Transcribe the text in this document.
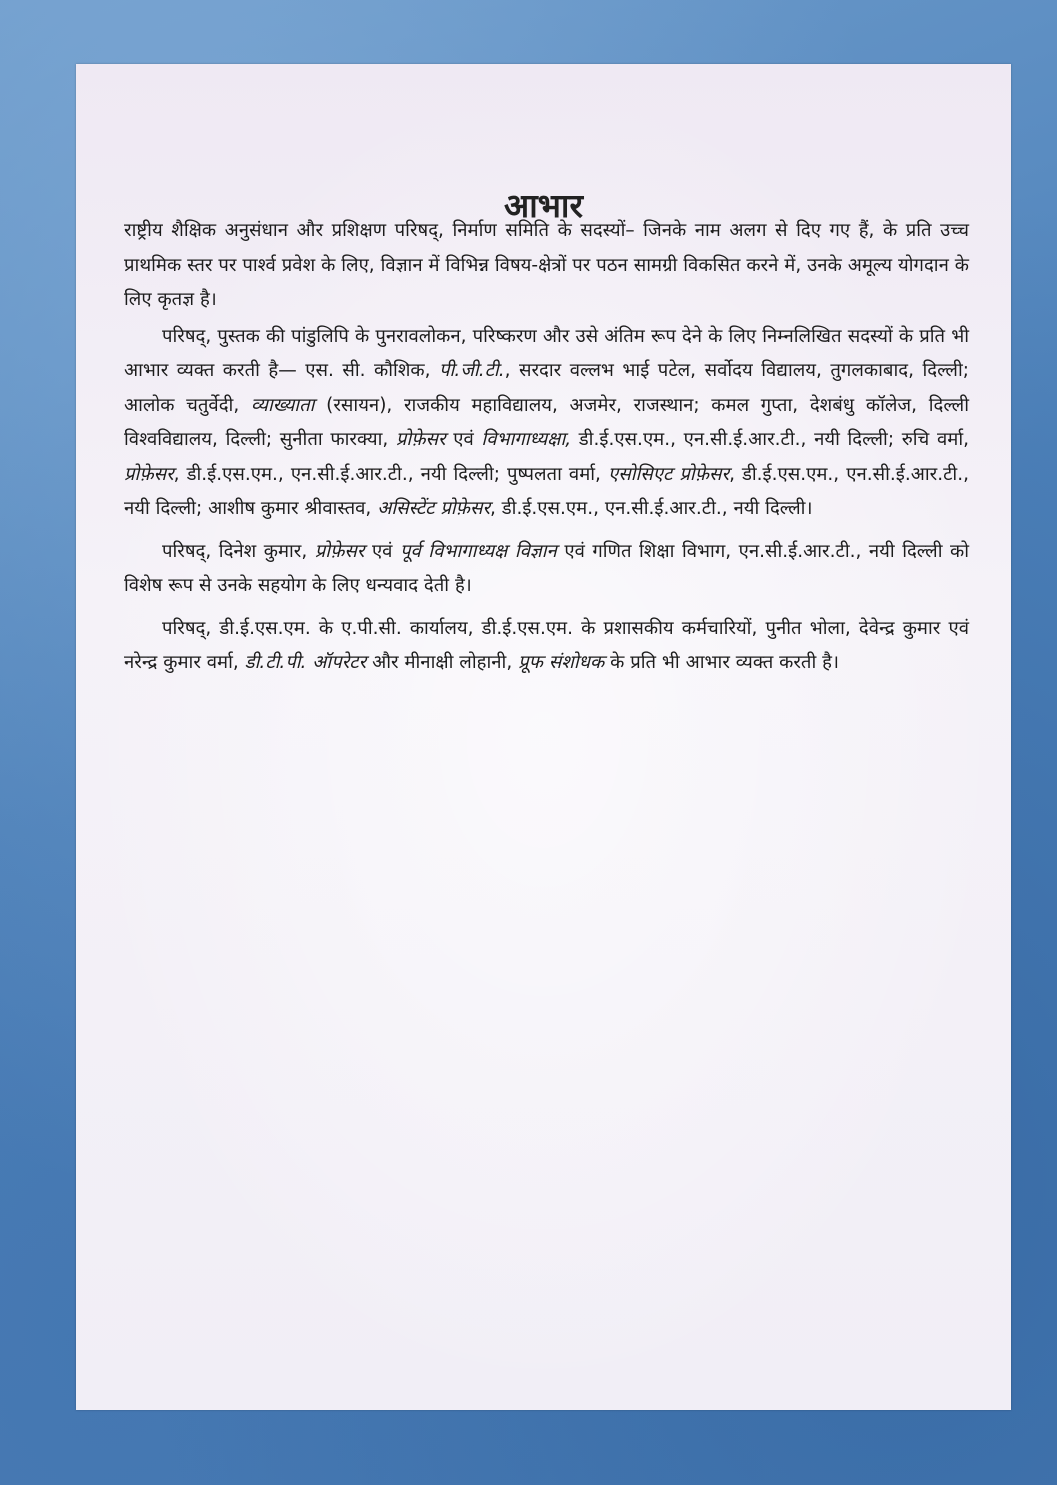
आभार

राष्ट्रीय शैक्षिक अनुसंधान और प्रशिक्षण परिषद्, निर्माण समिति के सदस्यों– जिनके नाम अलग से दिए गए हैं, के प्रति उच्च प्राथमिक स्तर पर पार्श्व प्रवेश के लिए, विज्ञान में विभिन्न विषय-क्षेत्रों पर पठन सामग्री विकसित करने में, उनके अमूल्य योगदान के लिए कृतज्ञ है।

परिषद्, पुस्तक की पांडुलिपि के पुनरावलोकन, परिष्करण और उसे अंतिम रूप देने के लिए निम्नलिखित सदस्यों के प्रति भी आभार व्यक्त करती है— एस. सी. कौशिक, पी.जी.टी., सरदार वल्लभ भाई पटेल, सर्वोदय विद्यालय, तुगलकाबाद, दिल्ली; आलोक चतुर्वेदी, व्याख्याता (रसायन), राजकीय महाविद्यालय, अजमेर, राजस्थान; कमल गुप्ता, देशबंधु कॉलेज, दिल्ली विश्वविद्यालय, दिल्ली; सुनीता फारक्या, प्रोफ़ेसर एवं विभागाध्यक्षा, डी.ई.एस.एम., एन.सी.ई.आर.टी., नयी दिल्ली; रुचि वर्मा, प्रोफ़ेसर, डी.ई.एस.एम., एन.सी.ई.आर.टी., नयी दिल्ली; पुष्पलता वर्मा, एसोसिएट प्रोफ़ेसर, डी.ई.एस.एम., एन.सी.ई.आर.टी., नयी दिल्ली; आशीष कुमार श्रीवास्तव, असिस्टेंट प्रोफ़ेसर, डी.ई.एस.एम., एन.सी.ई.आर.टी., नयी दिल्ली।

परिषद्, दिनेश कुमार, प्रोफ़ेसर एवं पूर्व विभागाध्यक्ष विज्ञान एवं गणित शिक्षा विभाग, एन.सी.ई.आर.टी., नयी दिल्ली को विशेष रूप से उनके सहयोग के लिए धन्यवाद देती है।

परिषद्, डी.ई.एस.एम. के ए.पी.सी. कार्यालय, डी.ई.एस.एम. के प्रशासकीय कर्मचारियों, पुनीत भोला, देवेन्द्र कुमार एवं नरेन्द्र कुमार वर्मा, डी.टी.पी. ऑपरेटर और मीनाक्षी लोहानी, प्रूफ संशोधक के प्रति भी आभार व्यक्त करती है।
